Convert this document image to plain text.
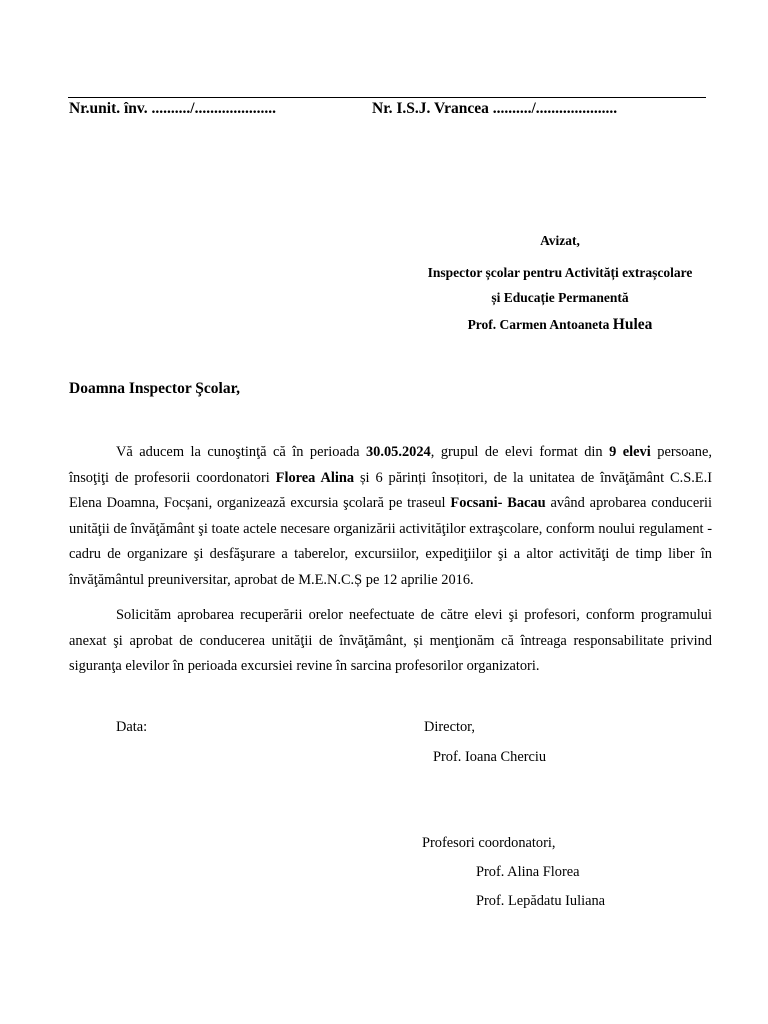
Nr.unit. înv. ........../.....................	Nr. I.S.J. Vrancea ........../.....................
Avizat,
Inspector școlar pentru Activități extrașcolare
și Educație Permanentă
Prof. Carmen Antoaneta Hulea
Doamna Inspector Şcolar,
Vă aducem la cunoştinţă că în perioada 30.05.2024, grupul de elevi format din 9 elevi persoane, însoţiţi de profesorii coordonatori Florea Alina și 6 părinți însoțitori, de la unitatea de învăţământ C.S.E.I Elena Doamna, Focșani, organizează excursia şcolară pe traseul Focsani- Bacau având aprobarea conducerii unităţii de învăţământ şi toate actele necesare organizării activităţilor extraşcolare, conform noului regulament - cadru de organizare şi desfăşurare a taberelor, excursiilor, expediţiilor şi a altor activităţi de timp liber în învăţământul preuniversitar, aprobat de M.E.N.C.Ș pe 12 aprilie 2016.
Solicităm aprobarea recuperării orelor neefectuate de către elevi şi profesori, conform programului anexat şi aprobat de conducerea unităţii de învăţământ, și menţionăm că întreaga responsabilitate privind siguranţa elevilor în perioada excursiei revine în sarcina profesorilor organizatori.
Data:	Director,
Prof. Ioana Cherciu
Profesori coordonatori,
Prof. Alina Florea
Prof. Lepădatu Iuliana
